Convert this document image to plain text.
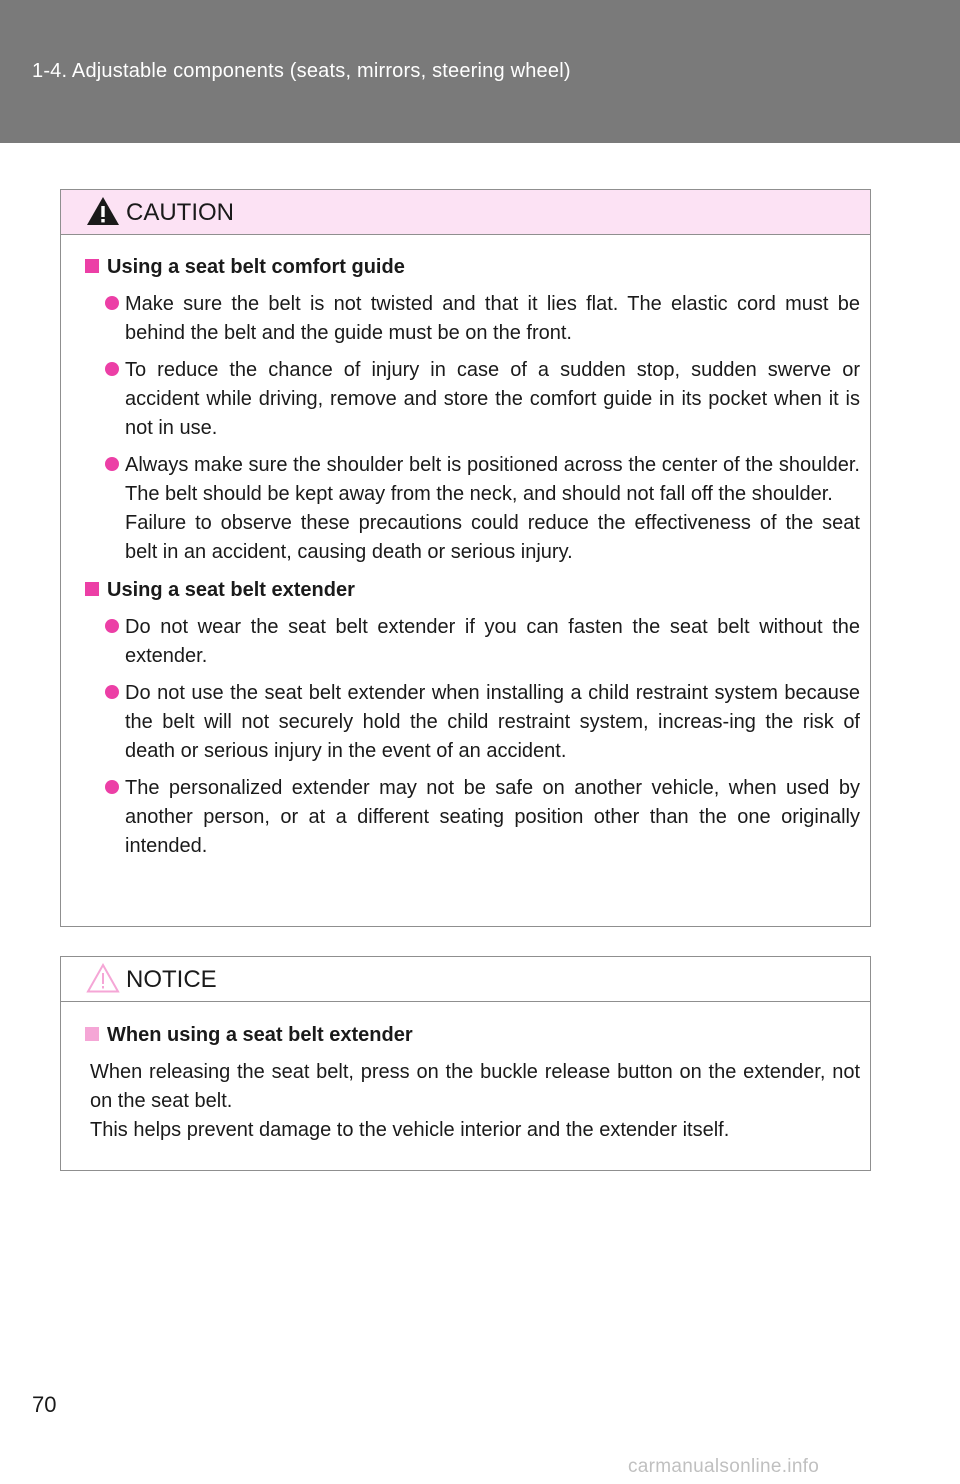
1-4. Adjustable components (seats, mirrors, steering wheel)
CAUTION
Using a seat belt comfort guide
Make sure the belt is not twisted and that it lies flat. The elastic cord must be behind the belt and the guide must be on the front.
To reduce the chance of injury in case of a sudden stop, sudden swerve or accident while driving, remove and store the comfort guide in its pocket when it is not in use.
Always make sure the shoulder belt is positioned across the center of the shoulder. The belt should be kept away from the neck, and should not fall off the shoulder.
Failure to observe these precautions could reduce the effectiveness of the seat belt in an accident, causing death or serious injury.
Using a seat belt extender
Do not wear the seat belt extender if you can fasten the seat belt without the extender.
Do not use the seat belt extender when installing a child restraint system because the belt will not securely hold the child restraint system, increas-ing the risk of death or serious injury in the event of an accident.
The personalized extender may not be safe on another vehicle, when used by another person, or at a different seating position other than the one originally intended.
NOTICE
When using a seat belt extender
When releasing the seat belt, press on the buckle release button on the extender, not on the seat belt.
This helps prevent damage to the vehicle interior and the extender itself.
70
carmanualsonline.info
